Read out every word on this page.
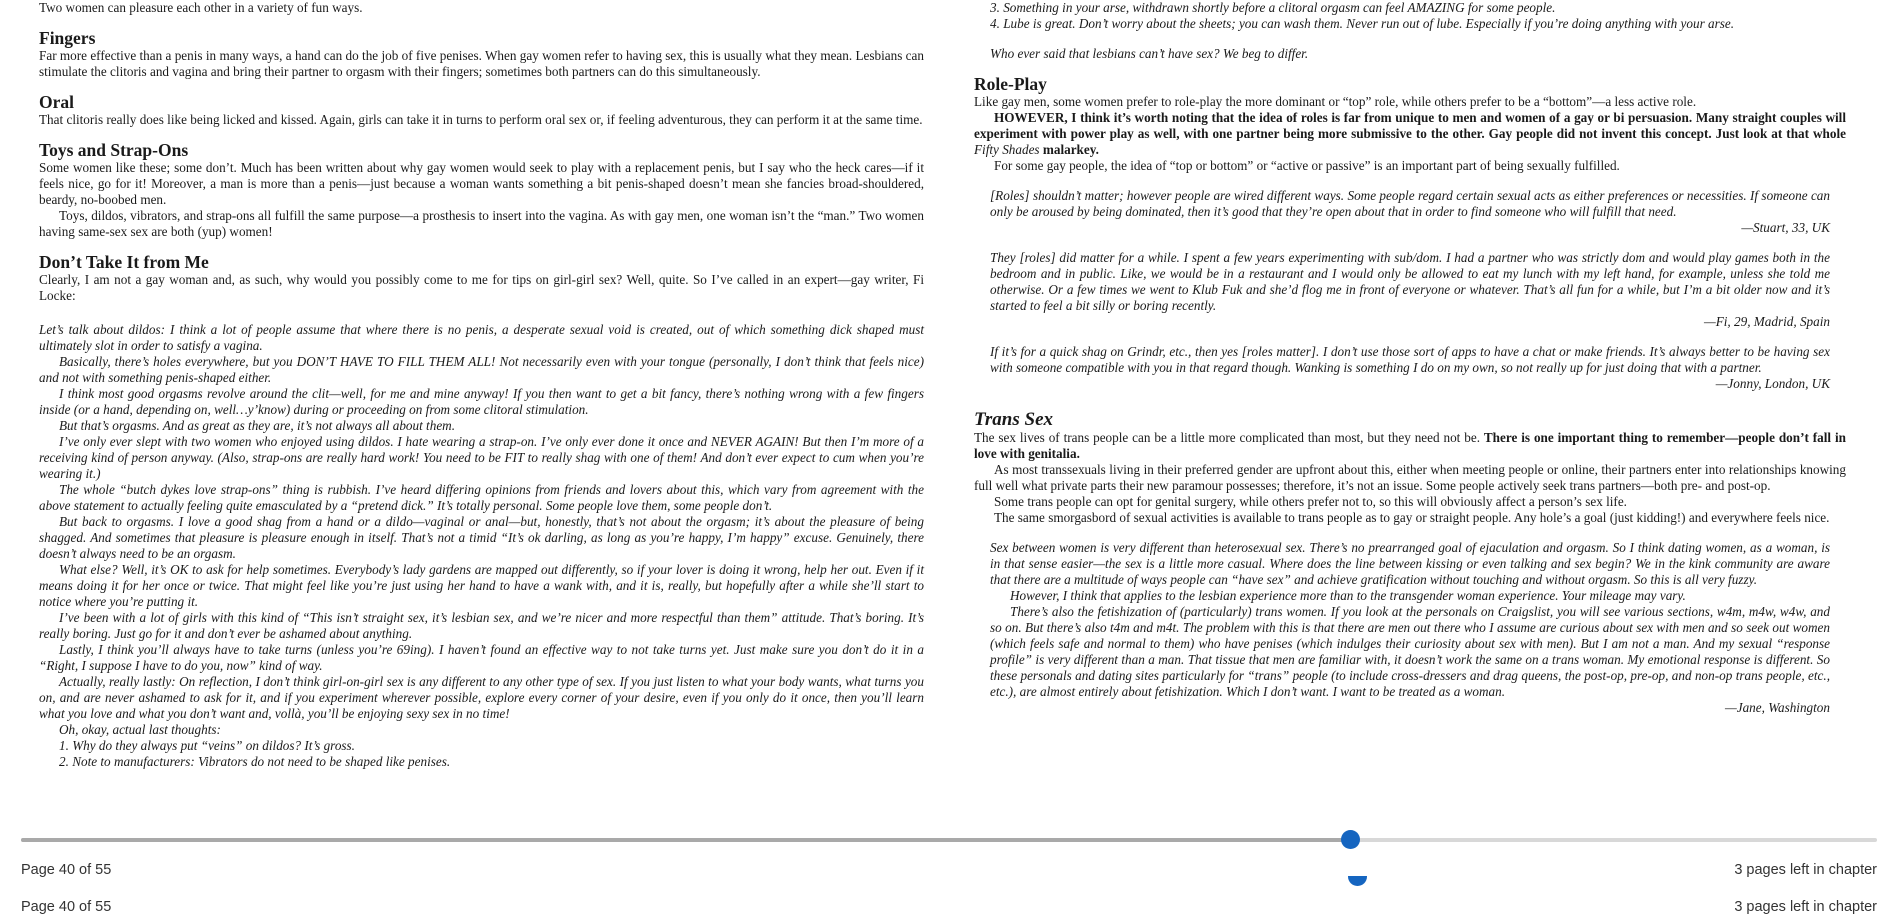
Two women can pleasure each other in a variety of fun ways.

Fingers

Far more effective than a penis in many ways, a hand can do the job of five penises. When gay women refer to having sex, this is usually what they mean. Lesbians can stimulate the clitoris and vagina and bring their partner to orgasm with their fingers; sometimes both partners can do this simultaneously.

Oral

That clitoris really does like being licked and kissed. Again, girls can take it in turns to perform oral sex or, if feeling adventurous, they can perform it at the same time.

Toys and Strap-Ons

Some women like these; some don’t. Much has been written about why gay women would seek to play with a replacement penis, but I say who the heck cares—if it feels nice, go for it! Moreover, a man is more than a penis—just because a woman wants something a bit penis-shaped doesn’t mean she fancies broad-shouldered, beardy, no-boobed men.

Toys, dildos, vibrators, and strap-ons all fulfill the same purpose—a prosthesis to insert into the vagina. As with gay men, one woman isn’t the “man.” Two women having same-sex sex are both (yup) women!

Don’t Take It from Me

Clearly, I am not a gay woman and, as such, why would you possibly come to me for tips on girl-girl sex? Well, quite. So I’ve called in an expert—gay writer, Fi Locke:

Let’s talk about dildos: I think a lot of people assume that where there is no penis, a desperate sexual void is created, out of which something dick shaped must ultimately slot in order to satisfy a vagina.

Basically, there’s holes everywhere, but you DON’T HAVE TO FILL THEM ALL! Not necessarily even with your tongue (personally, I don’t think that feels nice) and not with something penis-shaped either.

I think most good orgasms revolve around the clit—well, for me and mine anyway! If you then want to get a bit fancy, there’s nothing wrong with a few fingers inside (or a hand, depending on, well…y’know) during or proceeding on from some clitoral stimulation.

But that’s orgasms. And as great as they are, it’s not always all about them.

I’ve only ever slept with two women who enjoyed using dildos. I hate wearing a strap-on. I’ve only ever done it once and NEVER AGAIN! But then I’m more of a receiving kind of person anyway. (Also, strap-ons are really hard work! You need to be FIT to really shag with one of them! And don’t ever expect to cum when you’re wearing it.)

The whole “butch dykes love strap-ons” thing is rubbish. I’ve heard differing opinions from friends and lovers about this, which vary from agreement with the above statement to actually feeling quite emasculated by a “pretend dick.” It’s totally personal. Some people love them, some people don’t.

But back to orgasms. I love a good shag from a hand or a dildo—vaginal or anal—but, honestly, that’s not about the orgasm; it’s about the pleasure of being shagged. And sometimes that pleasure is pleasure enough in itself. That’s not a timid “It’s ok darling, as long as you’re happy, I’m happy” excuse. Genuinely, there doesn’t always need to be an orgasm.

What else? Well, it’s OK to ask for help sometimes. Everybody’s lady gardens are mapped out differently, so if your lover is doing it wrong, help her out. Even if it means doing it for her once or twice. That might feel like you’re just using her hand to have a wank with, and it is, really, but hopefully after a while she’ll start to notice where you’re putting it.

I’ve been with a lot of girls with this kind of “This isn’t straight sex, it’s lesbian sex, and we’re nicer and more respectful than them” attitude. That’s boring. It’s really boring. Just go for it and don’t ever be ashamed about anything.

Lastly, I think you’ll always have to take turns (unless you’re 69ing). I haven’t found an effective way to not take turns yet. Just make sure you don’t do it in a “Right, I suppose I have to do you, now” kind of way.

Actually, really lastly: On reflection, I don’t think girl-on-girl sex is any different to any other type of sex. If you just listen to what your body wants, what turns you on, and are never ashamed to ask for it, and if you experiment wherever possible, explore every corner of your desire, even if you only do it once, then you’ll learn what you love and what you don’t want and, vollà, you’ll be enjoying sexy sex in no time!

Oh, okay, actual last thoughts:

1. Why do they always put “veins” on dildos? It’s gross.

2. Note to manufacturers: Vibrators do not need to be shaped like penises.

3. Something in your arse, withdrawn shortly before a clitoral orgasm can feel AMAZING for some people.

4. Lube is great. Don’t worry about the sheets; you can wash them. Never run out of lube. Especially if you’re doing anything with your arse.

Who ever said that lesbians can’t have sex? We beg to differ.

Role-Play

Like gay men, some women prefer to role-play the more dominant or “top” role, while others prefer to be a “bottom”—a less active role.

HOWEVER, I think it’s worth noting that the idea of roles is far from unique to men and women of a gay or bi persuasion. Many straight couples will experiment with power play as well, with one partner being more submissive to the other. Gay people did not invent this concept. Just look at that whole Fifty Shades malarkey.

For some gay people, the idea of “top or bottom” or “active or passive” is an important part of being sexually fulfilled.

[Roles] shouldn’t matter; however people are wired different ways. Some people regard certain sexual acts as either preferences or necessities. If someone can only be aroused by being dominated, then it’s good that they’re open about that in order to find someone who will fulfill that need.

—Stuart, 33, UK

They [roles] did matter for a while. I spent a few years experimenting with sub/dom. I had a partner who was strictly dom and would play games both in the bedroom and in public. Like, we would be in a restaurant and I would only be allowed to eat my lunch with my left hand, for example, unless she told me otherwise. Or a few times we went to Klub Fuk and she’d flog me in front of everyone or whatever. That’s all fun for a while, but I’m a bit older now and it’s started to feel a bit silly or boring recently.

—Fi, 29, Madrid, Spain

If it’s for a quick shag on Grindr, etc., then yes [roles matter]. I don’t use those sort of apps to have a chat or make friends. It’s always better to be having sex with someone compatible with you in that regard though. Wanking is something I do on my own, so not really up for just doing that with a partner.

—Jonny, London, UK
Trans Sex

The sex lives of trans people can be a little more complicated than most, but they need not be. There is one important thing to remember—people don’t fall in love with genitalia.

As most transsexuals living in their preferred gender are upfront about this, either when meeting people or online, their partners enter into relationships knowing full well what private parts their new paramour possesses; therefore, it’s not an issue. Some people actively seek trans partners—both pre- and post-op.

Some trans people can opt for genital surgery, while others prefer not to, so this will obviously affect a person’s sex life.

The same smorgasbord of sexual activities is available to trans people as to gay or straight people. Any hole’s a goal (just kidding!) and everywhere feels nice.

Sex between women is very different than heterosexual sex. There’s no prearranged goal of ejaculation and orgasm. So I think dating women, as a woman, is in that sense easier—the sex is a little more casual. Where does the line between kissing or even talking and sex begin? We in the kink community are aware that there are a multitude of ways people can “have sex” and achieve gratification without touching and without orgasm. So this is all very fuzzy.

However, I think that applies to the lesbian experience more than to the transgender woman experience. Your mileage may vary.

There’s also the fetishization of (particularly) trans women. If you look at the personals on Craigslist, you will see various sections, w4m, m4w, w4w, and so on. But there’s also t4m and m4t. The problem with this is that there are men out there who I assume are curious about sex with men and so seek out women (which feels safe and normal to them) who have penises (which indulges their curiosity about sex with men). But I am not a man. And my sexual “response profile” is very different than a man. That tissue that men are familiar with, it doesn’t work the same on a trans woman. My emotional response is different. So these personals and dating sites particularly for “trans” people (to include cross-dressers and drag queens, the post-op, pre-op, and non-op trans people, etc., etc.), are almost entirely about fetishization. Which I don’t want. I want to be treated as a woman.

—Jane, Washington
Page 40 of 55	3 pages left in chapter
Page 40 of 55	3 pages left in chapter
